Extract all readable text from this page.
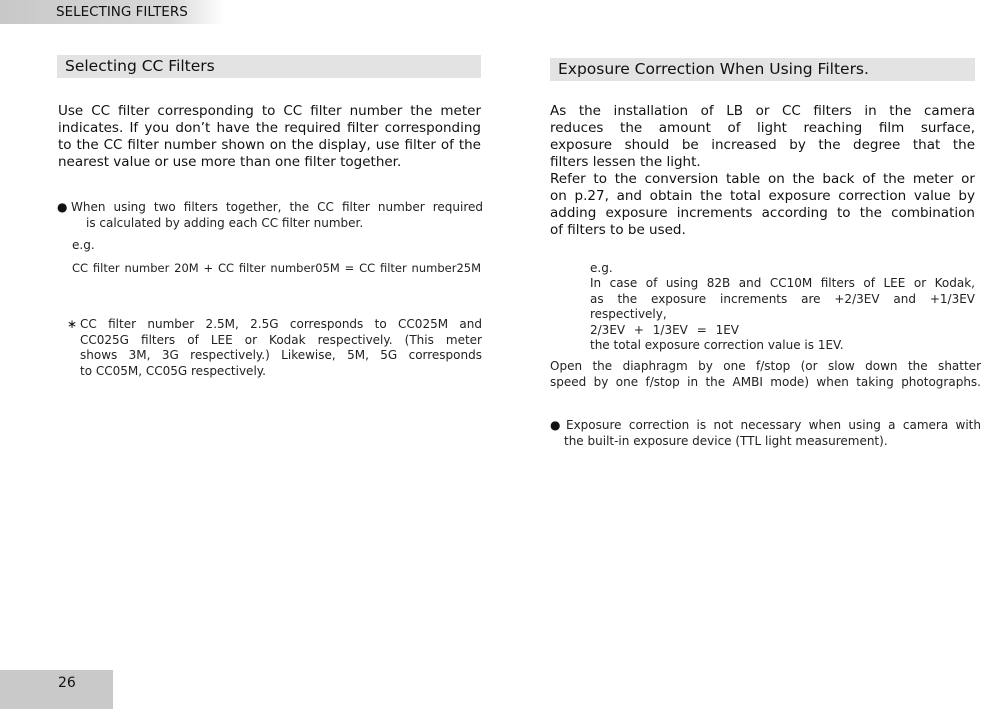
SELECTING FILTERS
Selecting CC Filters
Use CC filter corresponding to CC filter number the meter
indicates. If you don’t have the required filter corresponding
to the CC filter number shown on the display, use filter of the
nearest value or use more than one filter together.
● When using two filters together, the CC filter number required
is calculated by adding each CC filter number.
e.g.
CC filter number 20M + CC filter number05M = CC filter number25M
∗ CC filter number 2.5M, 2.5G corresponds to CC025M and
CC025G filters of LEE or Kodak respectively. (This meter
shows 3M, 3G respectively.) Likewise, 5M, 5G corresponds
to CC05M, CC05G respectively.
Exposure Correction When Using Filters.
As the installation of LB or CC filters in the camera
reduces the amount of light reaching film surface,
exposure should be increased by the degree that the
filters lessen the light.
Refer to the conversion table on the back of the meter or
on p.27, and obtain the total exposure correction value by
adding exposure increments according to the combination
of filters to be used.
e.g.
In case of using 82B and CC10M filters of LEE or Kodak,
as the exposure increments are +2/3EV and +1/3EV
respectively,
2/3EV + 1/3EV = 1EV
the total exposure correction value is 1EV.
Open the diaphragm by one f/stop (or slow down the shatter
speed by one f/stop in the AMBI mode) when taking photographs.
● Exposure correction is not necessary when using a camera with
the built-in exposure device (TTL light measurement).
26
